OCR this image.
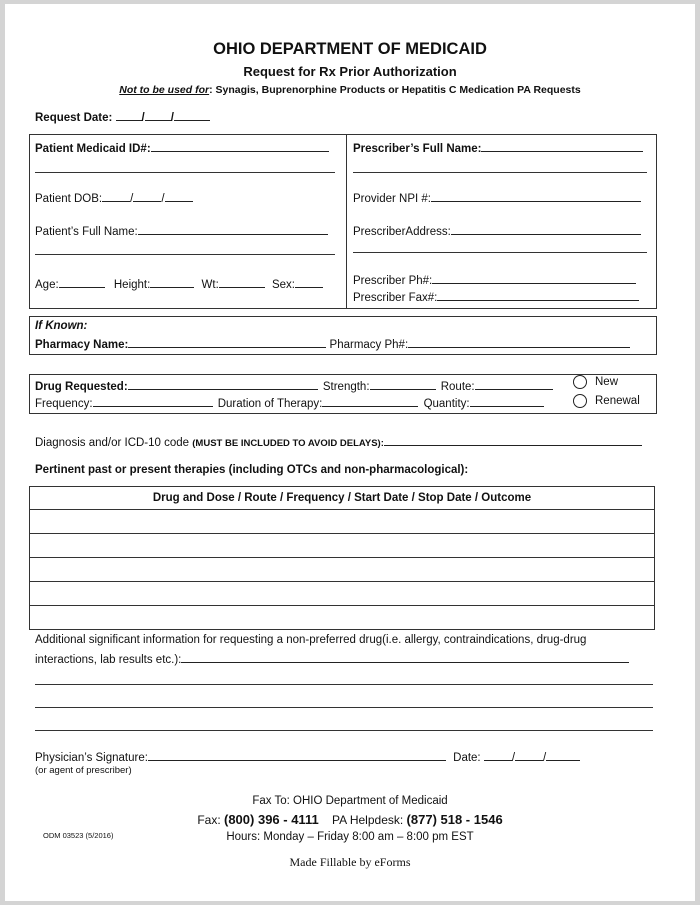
OHIO DEPARTMENT OF MEDICAID
Request for Rx Prior Authorization
Not to be used for: Synagis, Buprenorphine Products or Hepatitis C Medication PA Requests
Request Date:	/ /
Patient Medicaid ID#:
Patient DOB: / /
Patient’s Full Name:
Age:	Height:	Wt:	Sex:
Prescriber’s Full Name:
Provider NPI #:
PrescriberAddress:
Prescriber Ph#:
Prescriber Fax#:
If Known:
Pharmacy Name:	Pharmacy Ph#:
Drug Requested:	Strength:	Route:	New
Frequency:	Duration of Therapy:	Quantity:	Renewal
Diagnosis and/or ICD-10 code (MUST BE INCLUDED TO AVOID DELAYS):
Pertinent past or present therapies (including OTCs and non-pharmacological):
Drug and Dose / Route / Frequency / Start Date / Stop Date / Outcome

Additional significant information for requesting a non-preferred drug(i.e. allergy, contraindications, drug-drug
interactions, lab results etc.):
Physician’s Signature:	Date:	/ /
(or agent of prescriber)
Fax To: OHIO Department of Medicaid
Fax: (800) 396 - 4111 PA Helpdesk: (877) 518 - 1546
Hours: Monday – Friday 8:00 am – 8:00 pm EST
ODM 03523 (5/2016)
Made Fillable by eForms
